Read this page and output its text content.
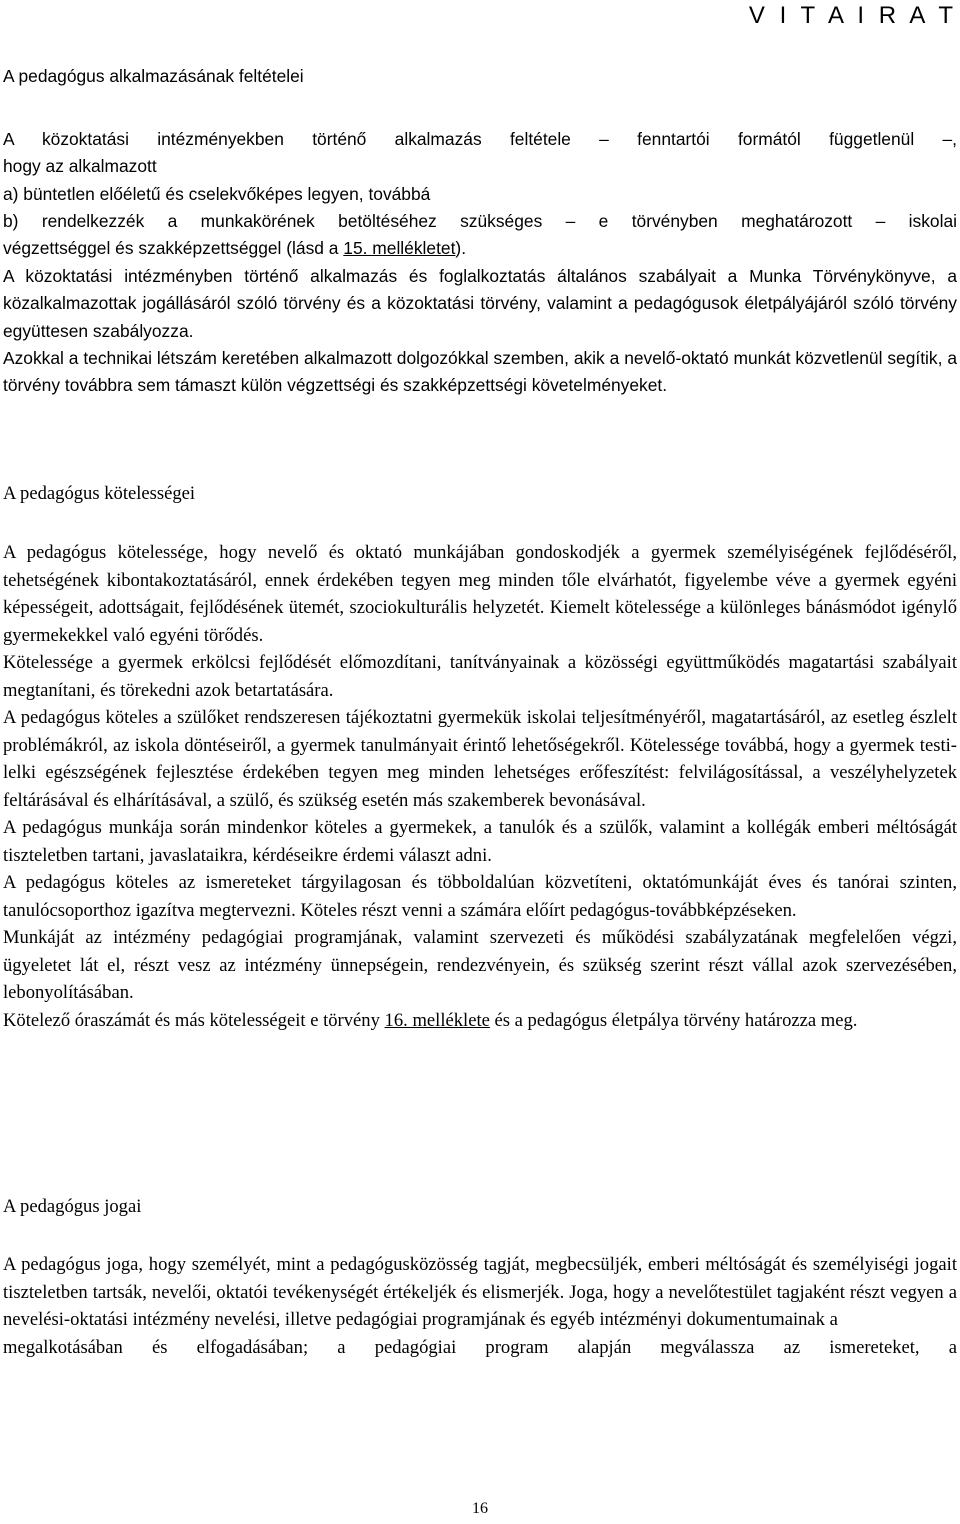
V I T A I R A T
A pedagógus alkalmazásának feltételei
A közoktatási intézményekben történő alkalmazás feltétele – fenntartói formától függetlenül –,
hogy az alkalmazott
a) büntetlen előéletű és cselekvőképes legyen, továbbá
b) rendelkezzék a munkakörének betöltéséhez szükséges – e törvényben meghatározott – iskolai
végzettséggel és szakképzettséggel (lásd a 15. mellékletet).

A közoktatási intézményben történő alkalmazás és foglalkoztatás általános szabályait a Munka Törvénykönyve, a közalkalmazottak jogállásáról szóló törvény és a közoktatási törvény, valamint a pedagógusok életpályájáról szóló törvény együttesen szabályozza.

Azokkal a technikai létszám keretében alkalmazott dolgozókkal szemben, akik a nevelő-oktató munkát közvetlenül segítik, a törvény továbbra sem támaszt külön végzettségi és szakképzettségi követelményeket.

A pedagógus kötelességei

A pedagógus kötelessége, hogy nevelő és oktató munkájában gondoskodjék a gyermek személyiségének fejlődéséről, tehetségének kibontakoztatásáról, ennek érdekében tegyen meg minden tőle elvárhatót, figyelembe véve a gyermek egyéni képességeit, adottságait, fejlődésének ütemét, szociokulturális helyzetét. Kiemelt kötelessége a különleges bánásmódot igénylő gyermekekkel való egyéni törődés.

Kötelessége a gyermek erkölcsi fejlődését előmozdítani, tanítványainak a közösségi együttműködés magatartási szabályait megtanítani, és törekedni azok betartatására.

A pedagógus köteles a szülőket rendszeresen tájékoztatni gyermekük iskolai teljesítményéről, magatartásáról, az esetleg észlelt problémákról, az iskola döntéseiről, a gyermek tanulmányait érintő lehetőségekről. Kötelessége továbbá, hogy a gyermek testi-lelki egészségének fejlesztése érdekében tegyen meg minden lehetséges erőfeszítést: felvilágosítással, a veszélyhelyzetek feltárásával és elhárításával, a szülő, és szükség esetén más szakemberek bevonásával.

A pedagógus munkája során mindenkor köteles a gyermekek, a tanulók és a szülők, valamint a kollégák emberi méltóságát tiszteletben tartani, javaslataikra, kérdéseikre érdemi választ adni.

A pedagógus köteles az ismereteket tárgyilagosan és többoldalúan közvetíteni, oktatómunkáját éves és tanórai szinten, tanulócsoporthoz igazítva megtervezni. Köteles részt venni a számára előírt pedagógus-továbbképzéseken.

Munkáját az intézmény pedagógiai programjának, valamint szervezeti és működési szabályzatának megfelelően végzi, ügyeletet lát el, részt vesz az intézmény ünnepségein, rendezvényein, és szükség szerint részt vállal azok szervezésében, lebonyolításában.

Kötelező óraszámát és más kötelességeit e törvény 16. melléklete és a pedagógus életpálya törvény határozza meg.

A pedagógus jogai

A pedagógus joga, hogy személyét, mint a pedagógusközösség tagját, megbecsüljék, emberi méltóságát és személyiségi jogait tiszteletben tartsák, nevelői, oktatói tevékenységét értékeljék és elismerjék. Joga, hogy a nevelőtestület tagjaként részt vegyen a nevelési-oktatási intézmény nevelési, illetve pedagógiai programjának és egyéb intézményi dokumentumainak a

megalkotásában és elfogadásában; a pedagógiai program alapján megválassza az ismereteket, a
16
